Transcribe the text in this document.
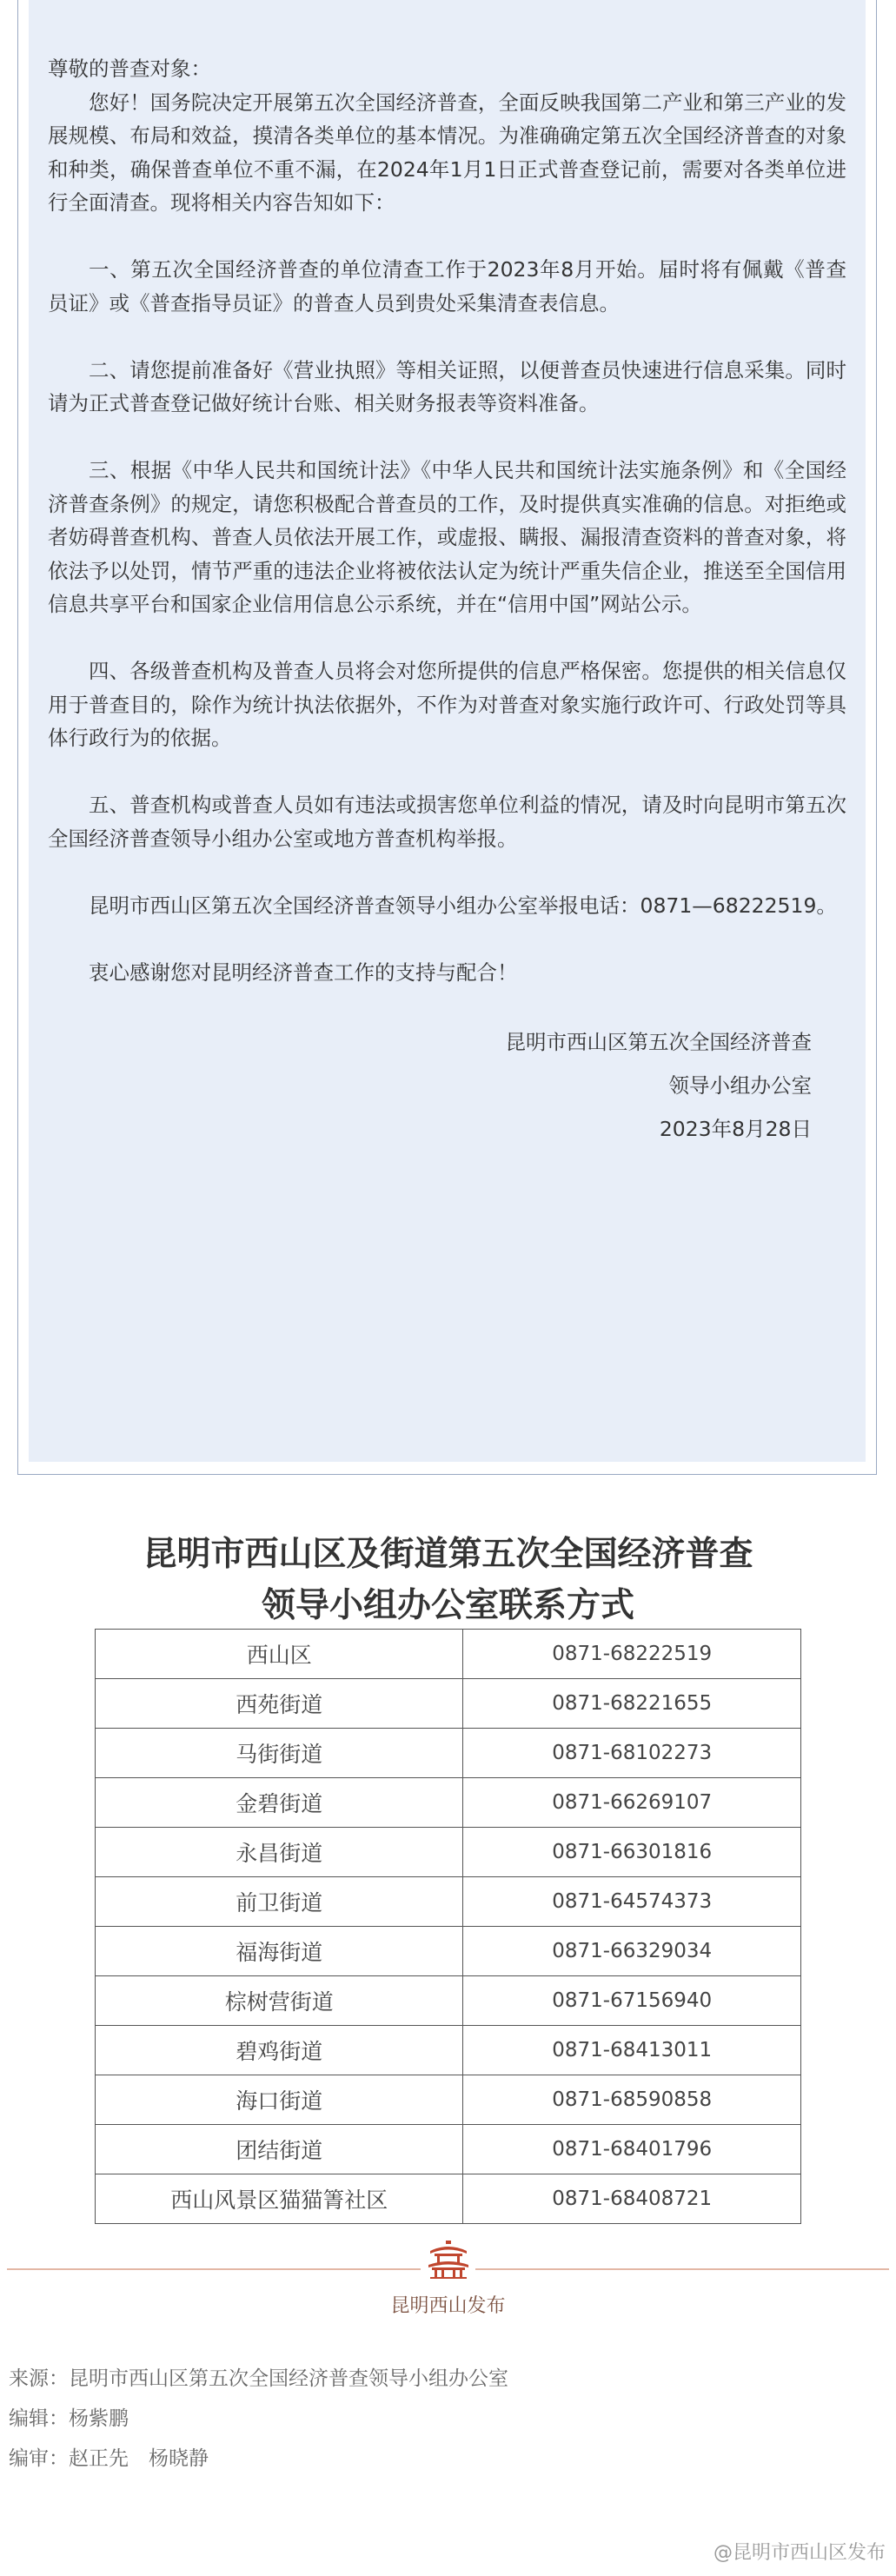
尊敬的普查对象：

您好！国务院决定开展第五次全国经济普查，全面反映我国第二产业和第三产业的发展规模、布局和效益，摸清各类单位的基本情况。为准确确定第五次全国经济普查的对象和种类，确保普查单位不重不漏，在2024年1月1日正式普查登记前，需要对各类单位进行全面清查。现将相关内容告知如下：

一、第五次全国经济普查的单位清查工作于2023年8月开始。届时将有佩戴《普查员证》或《普查指导员证》的普查人员到贵处采集清查表信息。

二、请您提前准备好《营业执照》等相关证照，以便普查员快速进行信息采集。同时请为正式普查登记做好统计台账、相关财务报表等资料准备。

三、根据《中华人民共和国统计法》《中华人民共和国统计法实施条例》和《全国经济普查条例》的规定，请您积极配合普查员的工作，及时提供真实准确的信息。对拒绝或者妨碍普查机构、普查人员依法开展工作，或虚报、瞒报、漏报清查资料的普查对象，将依法予以处罚，情节严重的违法企业将被依法认定为统计严重失信企业，推送至全国信用信息共享平台和国家企业信用信息公示系统，并在“信用中国”网站公示。

四、各级普查机构及普查人员将会对您所提供的信息严格保密。您提供的相关信息仅用于普查目的，除作为统计执法依据外，不作为对普查对象实施行政许可、行政处罚等具体行政行为的依据。

五、普查机构或普查人员如有违法或损害您单位利益的情况，请及时向昆明市第五次全国经济普查领导小组办公室或地方普查机构举报。

昆明市西山区第五次全国经济普查领导小组办公室举报电话：0871—68222519。

衷心感谢您对昆明经济普查工作的支持与配合！

昆明市西山区第五次全国经济普查

领导小组办公室

2023年8月28日

昆明市西山区及街道第五次全国经济普查
领导小组办公室联系方式
西山区	0871-68222519
西苑街道	0871-68221655
马街街道	0871-68102273
金碧街道	0871-66269107
永昌街道	0871-66301816
前卫街道	0871-64574373
福海街道	0871-66329034
棕树营街道	0871-67156940
碧鸡街道	0871-68413011
海口街道	0871-68590858
团结街道	0871-68401796
西山风景区猫猫箐社区	0871-68408721
昆明西山发布
来源：昆明市西山区第五次全国经济普查领导小组办公室
编辑：杨紫鹏
编审：赵正先　杨晓静
@昆明市西山区发布
